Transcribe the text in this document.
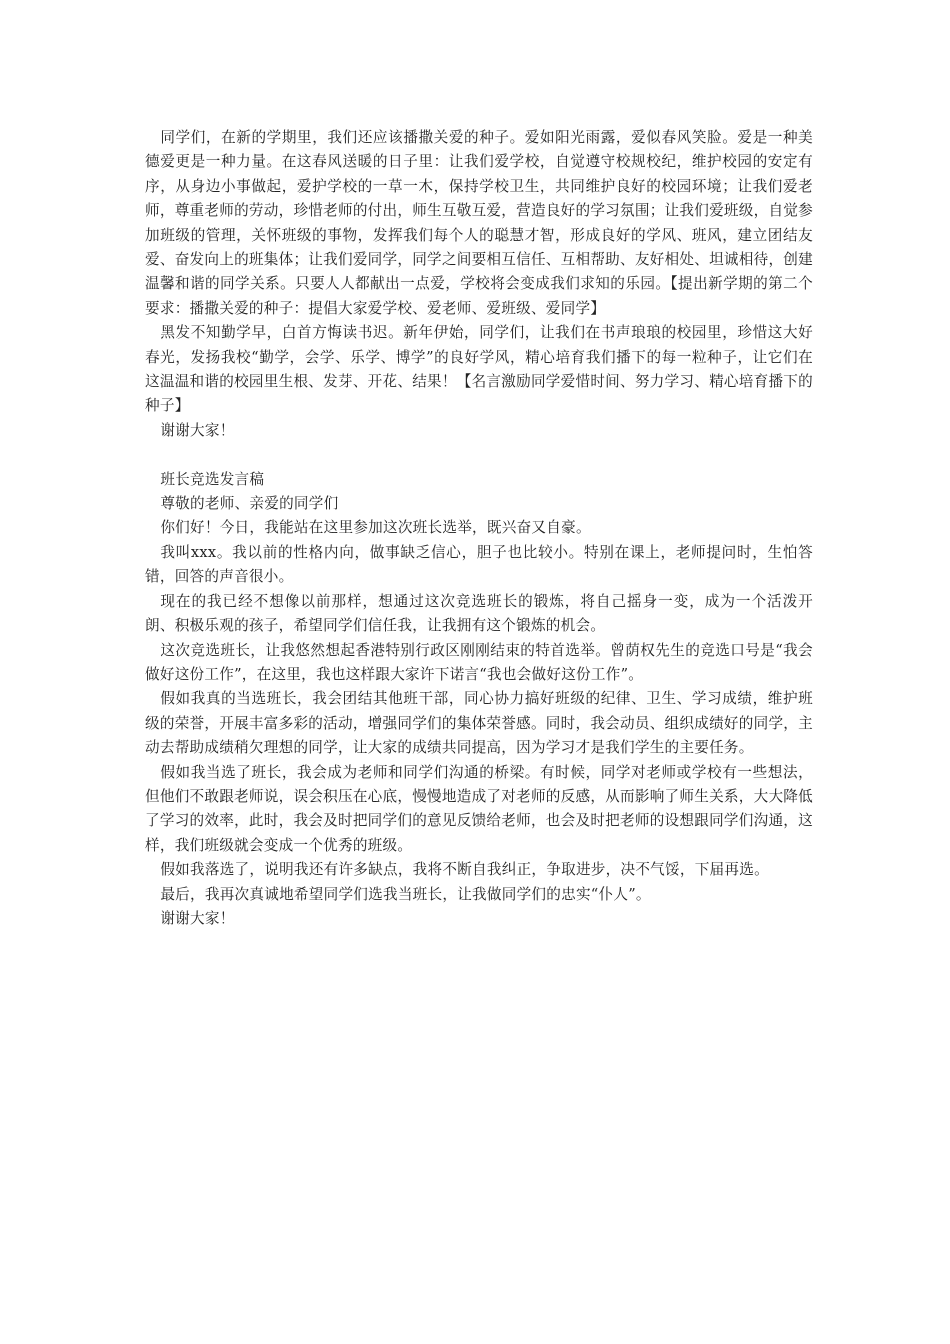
同学们，在新的学期里，我们还应该播撒关爱的种子。爱如阳光雨露，爱似春风笑脸。爱是一种美德爱更是一种力量。在这春风送暖的日子里：让我们爱学校，自觉遵守校规校纪，维护校园的安定有序，从身边小事做起，爱护学校的一草一木，保持学校卫生，共同维护良好的校园环境；让我们爱老师，尊重老师的劳动，珍惜老师的付出，师生互敬互爱，营造良好的学习氛围；让我们爱班级，自觉参加班级的管理，关怀班级的事物，发挥我们每个人的聪慧才智，形成良好的学风、班风，建立团结友爱、奋发向上的班集体；让我们爱同学，同学之间要相互信任、互相帮助、友好相处、坦诚相待，创建温馨和谐的同学关系。只要人人都献出一点爱，学校将会变成我们求知的乐园。【提出新学期的第二个要求：播撒关爱的种子：提倡大家爱学校、爱老师、爱班级、爱同学】

黑发不知勤学早，白首方悔读书迟。新年伊始，同学们，让我们在书声琅琅的校园里，珍惜这大好春光，发扬我校“勤学，会学、乐学、博学”的良好学风，精心培育我们播下的每一粒种子，让它们在这温温和谐的校园里生根、发芽、开花、结果！【名言激励同学爱惜时间、努力学习、精心培育播下的种子】

谢谢大家！

班长竞选发言稿

尊敬的老师、亲爱的同学们

你们好！今日，我能站在这里参加这次班长选举，既兴奋又自豪。

我叫xxx。我以前的性格内向，做事缺乏信心，胆子也比较小。特别在课上，老师提问时，生怕答错，回答的声音很小。

现在的我已经不想像以前那样，想通过这次竞选班长的锻炼，将自己摇身一变，成为一个活泼开朗、积极乐观的孩子，希望同学们信任我，让我拥有这个锻炼的机会。

这次竞选班长，让我悠然想起香港特别行政区刚刚结束的特首选举。曾荫权先生的竞选口号是“我会做好这份工作”，在这里，我也这样跟大家许下诺言“我也会做好这份工作”。

假如我真的当选班长，我会团结其他班干部，同心协力搞好班级的纪律、卫生、学习成绩，维护班级的荣誉，开展丰富多彩的活动，增强同学们的集体荣誉感。同时，我会动员、组织成绩好的同学，主动去帮助成绩稍欠理想的同学，让大家的成绩共同提高，因为学习才是我们学生的主要任务。

假如我当选了班长，我会成为老师和同学们沟通的桥梁。有时候，同学对老师或学校有一些想法，但他们不敢跟老师说，误会积压在心底，慢慢地造成了对老师的反感，从而影响了师生关系，大大降低了学习的效率，此时，我会及时把同学们的意见反馈给老师，也会及时把老师的设想跟同学们沟通，这样，我们班级就会变成一个优秀的班级。

假如我落选了，说明我还有许多缺点，我将不断自我纠正，争取进步，决不气馁，下届再选。

最后，我再次真诚地希望同学们选我当班长，让我做同学们的忠实“仆人”。

谢谢大家！
